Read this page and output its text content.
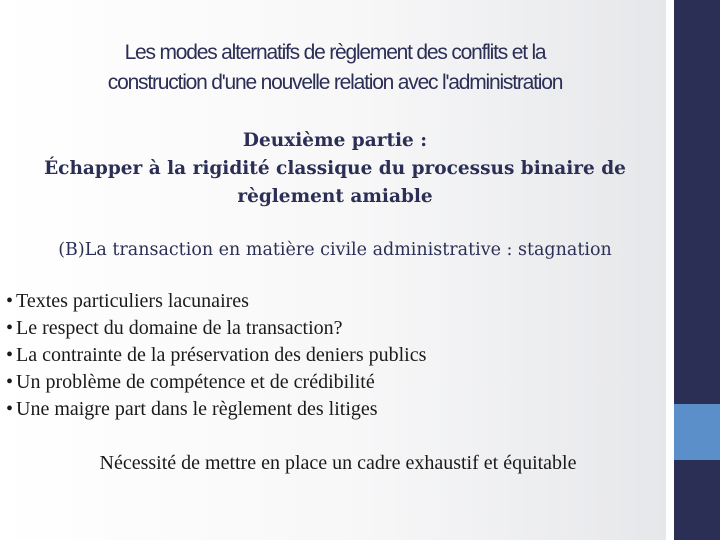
Les modes alternatifs de règlement des conflits et la
construction d'une nouvelle relation avec l'administration
Deuxième partie :
Échapper à la rigidité classique du processus binaire de
règlement amiable

(B)La transaction en matière civile administrative : stagnation

• Textes particuliers lacunaires
• Le respect du domaine de la transaction?
• La contrainte de la préservation des deniers publics
• Un problème de compétence et de crédibilité
• Une maigre part dans le règlement des litiges

Nécessité de mettre en place un cadre exhaustif et équitable
